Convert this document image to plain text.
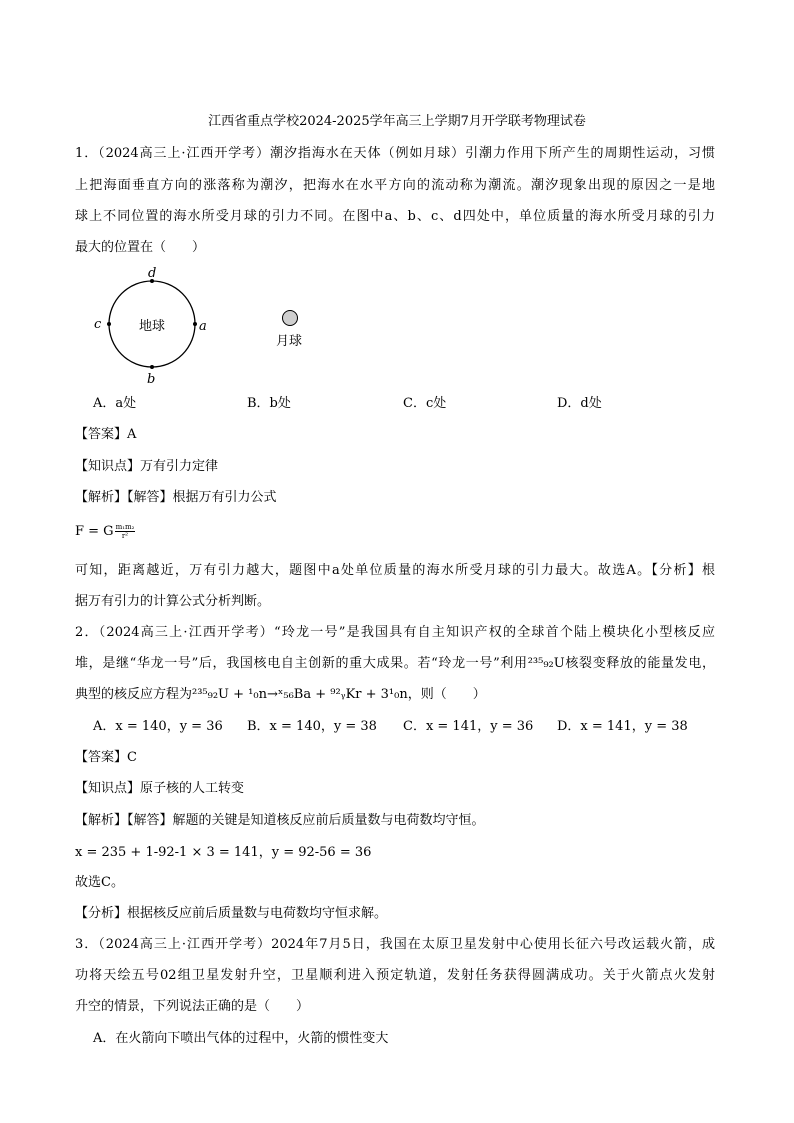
江西省重点学校2024-2025学年高三上学期7月开学联考物理试卷
1．（2024高三上·江西开学考）潮汐指海水在天体（例如月球）引潮力作用下所产生的周期性运动，习惯
上把海面垂直方向的涨落称为潮汐，把海水在水平方向的流动称为潮流。潮汐现象出现的原因之一是地
球上不同位置的海水所受月球的引力不同。在图中a、b、c、d四处中，单位质量的海水所受月球的引力
最大的位置在（　　）
d
b
c	a
地球
月球
A．a处	B．b处	C．c处	D．d处
【答案】A
【知识点】万有引力定律
【解析】【解答】根据万有引力公式
F = G $\frac{\text{m₁m₂}}{\text{r²}}$
可知，距离越近，万有引力越大，题图中a处单位质量的海水所受月球的引力最大。故选A。【分析】根
据万有引力的计算公式分析判断。
2．（2024高三上·江西开学考）“玲龙一号”是我国具有自主知识产权的全球首个陆上模块化小型核反应
堆，是继“华龙一号”后，我国核电自主创新的重大成果。若“玲龙一号”利用²³⁵₉₂U核裂变释放的能量发电，
典型的核反应方程为²³⁵₉₂U + ¹₀n→ˣ₅₆Ba + ⁹²ᵧKr + 3¹₀n，则（　　）
A．x = 140，y = 36 B．x = 140，y = 38 C．x = 141，y = 36 D．x = 141，y = 38
【答案】C
【知识点】原子核的人工转变
【解析】【解答】解题的关键是知道核反应前后质量数与电荷数均守恒。
x = 235 + 1-92-1 × 3 = 141，y = 92-56 = 36
故选C。
【分析】根据核反应前后质量数与电荷数均守恒求解。
3．（2024高三上·江西开学考）2024年7月5日，我国在太原卫星发射中心使用长征六号改运载火箭，成
功将天绘五号02组卫星发射升空，卫星顺利进入预定轨道，发射任务获得圆满成功。关于火箭点火发射
升空的情景，下列说法正确的是（　　）
A．在火箭向下喷出气体的过程中，火箭的惯性变大
